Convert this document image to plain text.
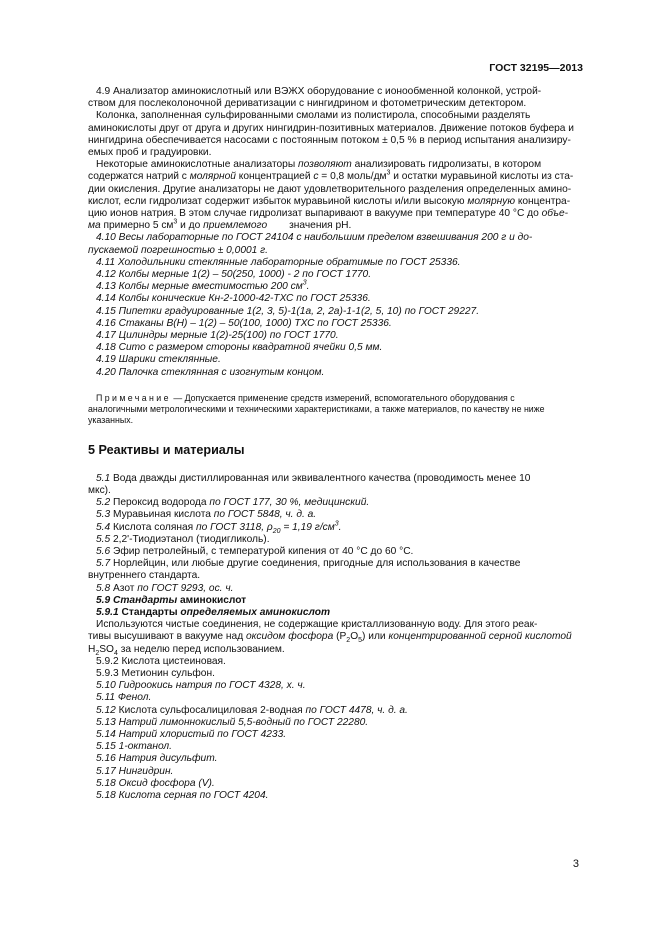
ГОСТ 32195—2013

4.9 Анализатор аминокислотный или ВЭЖХ оборудование с ионообменной колонкой, устрой-

ством для послеколоночной дериватизации с нингидрином и фотометрическим детектором.

Колонка, заполненная сульфированными смолами из полистирола, способными разделять

аминокислоты друг от друга и других нингидрин-позитивных материалов. Движение потоков буфера и

нингидрина обеспечивается насосами с постоянным потоком ± 0,5 % в период испытания анализиру-

емых проб и градуировки.

Некоторые аминокислотные анализаторы позволяют анализировать гидролизаты, в котором

содержатся натрий с молярной концентрацией c = 0,8 моль/$дм^3$ и остатки муравьиной кислоты из ста-

дии окисления. Другие анализаторы не дают удовлетворительного разделения определенных амино-

кислот, если гидролизат содержит избыток муравьиной кислоты и/или высокую молярную концентра-

цию ионов натрия. В этом случае гидролизат выпаривают в вакууме при температуре 40 °С до объе-

ма примерно 5 $см^3$ и до приемлемого значения рН.

4.10 Весы лабораторные по ГОСТ 24104 с наибольшим пределом взвешивания 200 г и до-

пускаемой погрешностью ± 0,0001 г.

4.11 Холодильники стеклянные лабораторные обратимые по ГОСТ 25336.

4.12 Колбы мерные 1(2) – 50(250, 1000) - 2 по ГОСТ 1770.

4.13 Колбы мерные вместимостью 200 $см^3$.

4.14 Колбы конические Кн-2-1000-42-ТХС по ГОСТ 25336.

4.15 Пипетки градуированные 1(2, 3, 5)-1(1а, 2, 2а)-1-1(2, 5, 10) по ГОСТ 29227.

4.16 Стаканы В(Н) – 1(2) – 50(100, 1000) ТХС по ГОСТ 25336.

4.17 Цилиндры мерные 1(2)-25(100) по ГОСТ 1770.

4.18 Сито с размером стороны квадратной ячейки 0,5 мм.

4.19 Шарики стеклянные.

4.20 Палочка стеклянная с изогнутым концом.

Примечание — Допускается применение средств измерений, вспомогательного оборудования с

аналогичными метрологическими и техническими характеристиками, а также материалов, по качеству не ниже

указанных.

5 Реактивы и материалы

5.1 Вода дважды дистиллированная или эквивалентного качества (проводимость менее 10

мкс).

5.2 Пероксид водорода по ГОСТ 177, 30 %, медицинский.

5.3 Муравьиная кислота по ГОСТ 5848, ч. д. а.

5.4 Кислота соляная по ГОСТ 3118, $\rho_{20} = 1,19$ $г/см^3$.

5.5 2,2'-Тиодиэтанол (тиодигликоль).

5.6 Эфир петролейный, с температурой кипения от 40 °С до 60 °С.

5.7 Норлейцин, или любые другие соединения, пригодные для использования в качестве

внутреннего стандарта.

5.8 Азот по ГОСТ 9293, ос. ч.

5.9 Стандарты аминокислот

5.9.1 Стандарты определяемых аминокислот

Используются чистые соединения, не содержащие кристаллизованную воду. Для этого реак-

тивы высушивают в вакууме над оксидом фосфора $(P_2O_5)$ или концентрированной серной кислотой

$H_2SO_4$ за неделю перед использованием.

5.9.2 Кислота цистеиновая.

5.9.3 Метионин сульфон.

5.10 Гидроокись натрия по ГОСТ 4328, х. ч.

5.11 Фенол.

5.12 Кислота сульфосалициловая 2-водная по ГОСТ 4478, ч. д. а.

5.13 Натрий лимоннокислый 5,5-водный по ГОСТ 22280.

5.14 Натрий хлористый по ГОСТ 4233.

5.15 1-октанол.

5.16 Натрия дисульфит.

5.17 Нингидрин.

5.18 Оксид фосфора (V).

5.18 Кислота серная по ГОСТ 4204.

3
